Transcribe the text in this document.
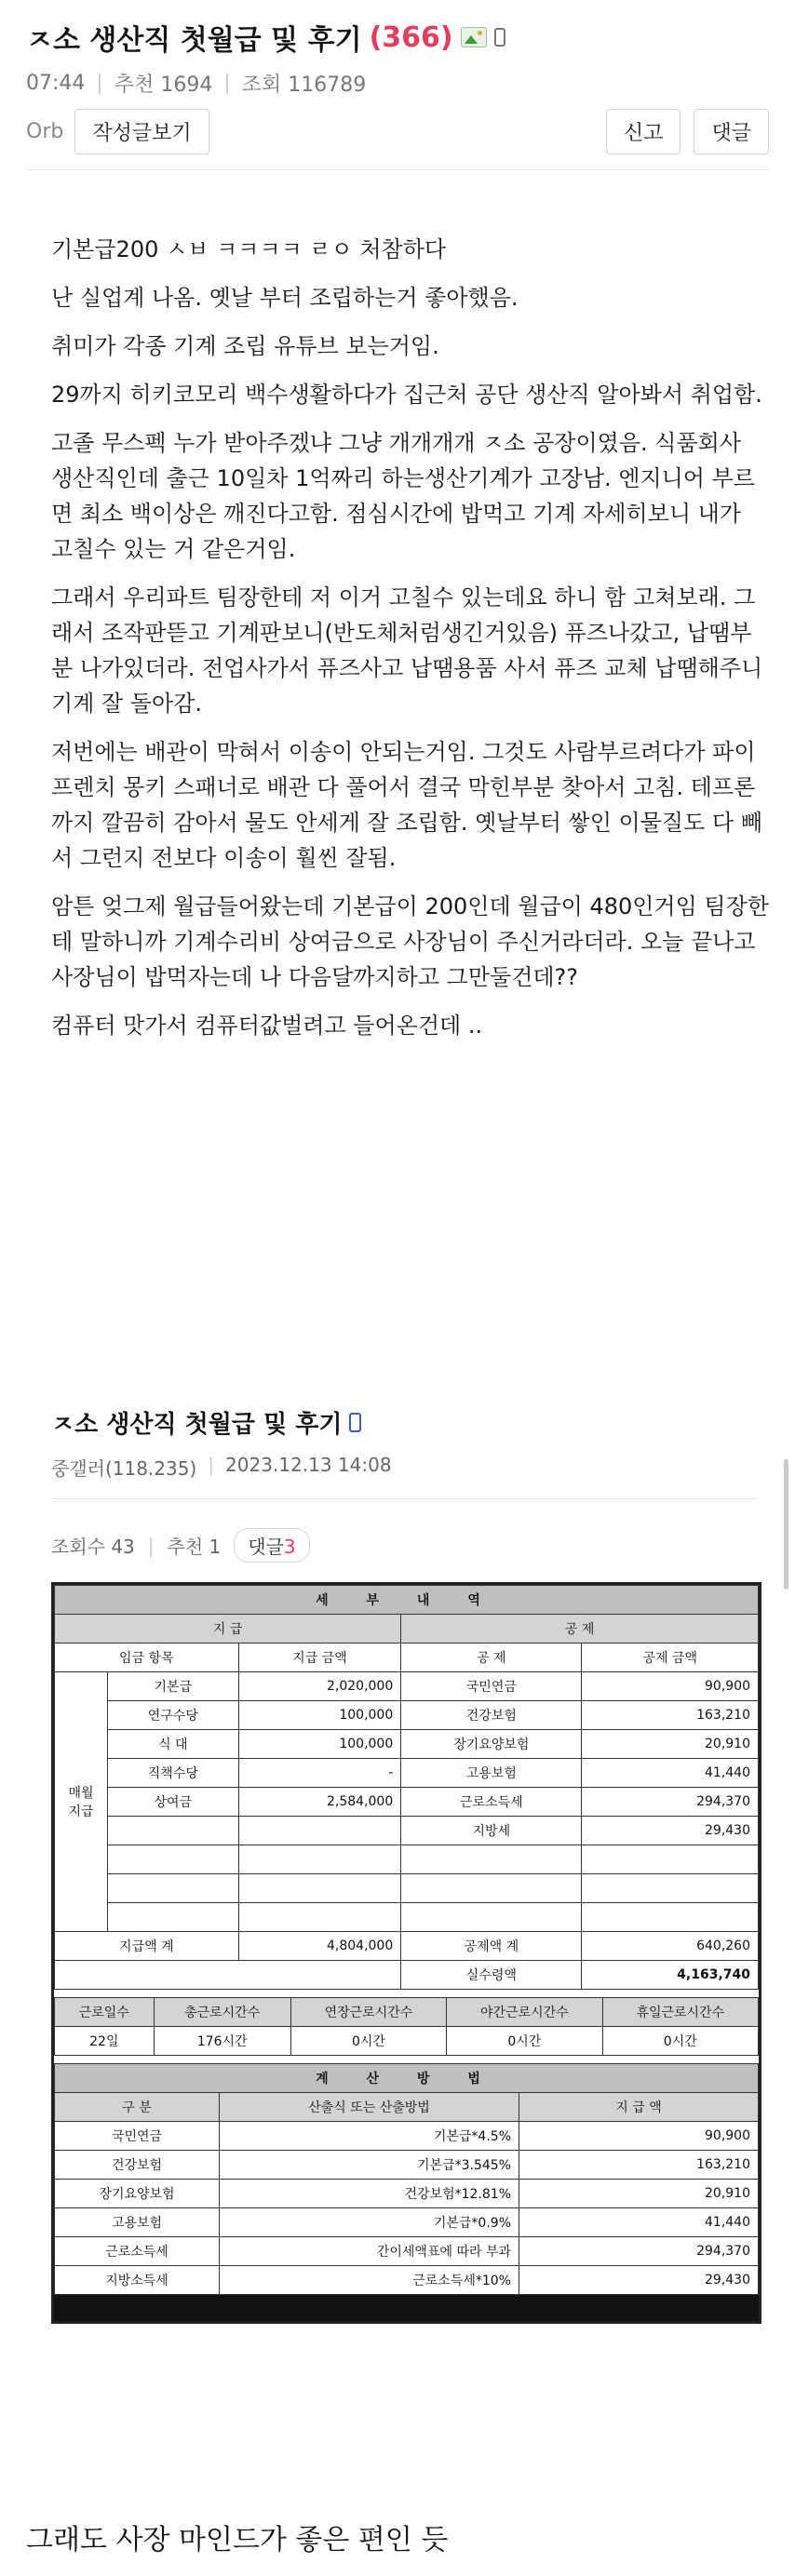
ㅈ소 생산직 첫월급 및 후기 (366)
07:44 | 추천 1694 | 조회 116789
Orb	작성글보기	신고	댓글

기본급200 ㅅㅂ ㅋㅋㅋㅋ ㄹㅇ 처참하다

난 실업계 나옴. 옛날 부터 조립하는거 좋아했음.

취미가 각종 기계 조립 유튜브 보는거임.

29까지 히키코모리 백수생활하다가 집근처 공단 생산직 알아봐서 취업함.

고졸 무스펙 누가 받아주겠냐 그냥 개개개개 ㅈ소 공장이였음. 식품회사 생산직인데 출근 10일차 1억짜리 하는생산기계가 고장남. 엔지니어 부르면 최소 백이상은 깨진다고함. 점심시간에 밥먹고 기계 자세히보니 내가 고칠수 있는 거 같은거임.

그래서 우리파트 팀장한테 저 이거 고칠수 있는데요 하니 함 고쳐보래. 그래서 조작판뜯고 기계판보니(반도체처럼생긴거있음) 퓨즈나갔고, 납땜부분 나가있더라. 전업사가서 퓨즈사고 납땜용품 사서 퓨즈 교체 납땜해주니 기계 잘 돌아감.

저번에는 배관이 막혀서 이송이 안되는거임. 그것도 사람부르려다가 파이프렌치 몽키 스패너로 배관 다 풀어서 결국 막힌부분 찾아서 고침. 테프론까지 깔끔히 감아서 물도 안세게 잘 조립함. 옛날부터 쌓인 이물질도 다 빼서 그런지 전보다 이송이 훨씬 잘됨.

암튼 엊그제 월급들어왔는데 기본급이 200인데 월급이 480인거임 팀장한테 말하니까 기계수리비 상여금으로 사장님이 주신거라더라. 오늘 끝나고 사장님이 밥먹자는데 나 다음달까지하고 그만둘건데??

컴퓨터 맛가서 컴퓨터값벌려고 들어온건데 ..

ㅈ소 생산직 첫월급 및 후기
중갤러(118.235) | 2023.12.13 14:08
조회수 43 | 추천 1	댓글3
세 부 내 역				
지 급			공 제	
임금 항목		지급 금액	공 제	공제 금액
매월 지급	기본급	2,020,000	국민연금	90,900
	연구수당	100,000	건강보험	163,210
	식 대	100,000	장기요양보험	20,910
	직책수당	-	고용보험	41,440
	상여금	2,584,000	근로소득세	294,370
			지방세	29,430

지급액 계		4,804,000	공제액 계	640,260
			실수령액	4,163,740
근로일수	총근로시간수	연장근로시간수	야간근로시간수	휴일근로시간수
22일	176시간	0시간	0시간	0시간
계 산 방 법		
구 분	산출식 또는 산출방법	지 급 액
국민연금	기본급*4.5%	90,900
건강보험	기본급*3.545%	163,210
장기요양보험	건강보험*12.81%	20,910
고용보험	기본급*0.9%	41,440
근로소득세	간이세액표에 따라 부과	294,370
지방소득세	근로소득세*10%	29,430
그래도 사장 마인드가 좋은 편인 듯
